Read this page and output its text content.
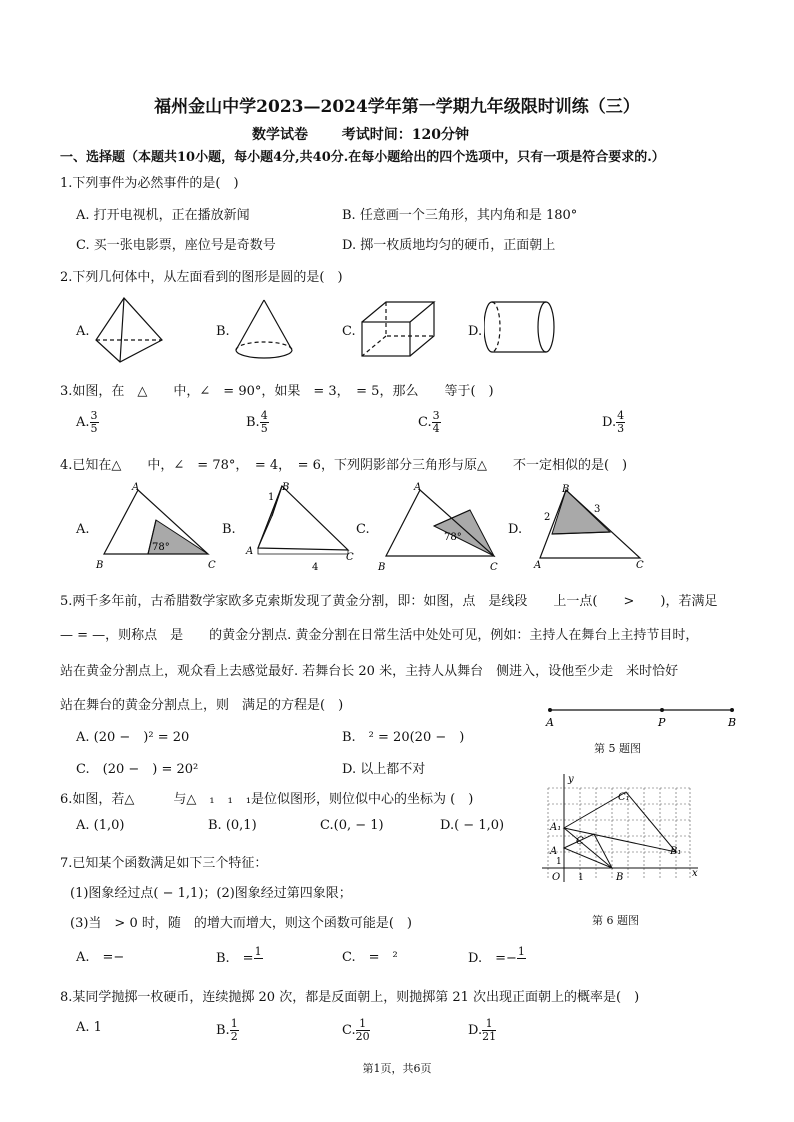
福州金山中学2023—2024学年第一学期九年级限时训练（三）
数学试卷 考试时间：120分钟
一、选择题（本题共10小题，每小题4分,共40分.在每小题给出的四个选项中，只有一项是符合要求的.）
1.下列事件为必然事件的是(　)
A. 打开电视机，正在播放新闻	B. 任意画一个三角形，其内角和是 180°
C. 买一张电影票，座位号是奇数号	D. 掷一枚质地均匀的硬币，正面朝上
2.下列几何体中，从左面看到的图形是圆的是(　)
A.	B.	C.	D.
3.如图，在　△　　中，∠　= 90°，如果　= 3，　= 5，那么　　等于(　)
A. $\frac{3}{5}$	B. $\frac{4}{5}$	C. $\frac{3}{4}$	D. $\frac{4}{3}$
4.已知在△　　中，∠　= 78°，　= 4，　= 6，下列阴影部分三角形与原△　　不一定相似的是(　)
A.	B.	C.	D.
A
B	C
78°
B
1
A
C
4
A
B	C
78°
B
2
3
A	C
5.两千多年前，古希腊数学家欧多克索斯发现了黄金分割，即：如图，点　是线段　　上一点(　　>　　)，若满足
— = —，则称点　是　　的黄金分割点. 黄金分割在日常生活中处处可见，例如：主持人在舞台上主持节目时，
站在黄金分割点上，观众看上去感觉最好. 若舞台长 20 米，主持人从舞台　侧进入，设他至少走　米时恰好
站在舞台的黄金分割点上，则　满足的方程是(　)
A. (20 −　)² = 20	B.　² = 20(20 −　)
C.　(20 −　) = 20²	D. 以上都不对
A	P	B
第 5 题图
6.如图，若△　　　与△　₁　₁　₁是位似图形，则位似中心的坐标为 (　)
A. (1,0)	B. (0,1)	C.(0, − 1)	D.( − 1,0)
y
x
O 1
1
A₁
A
C₁
C
B₁
B
第 6 题图
7.已知某个函数满足如下三个特征：
(1)图象经过点( − 1,1)；(2)图象经过第四象限；
(3)当　> 0 时，随　的增大而增大，则这个函数可能是(　)
A.　=−	B.　= 1	C.　=　²	D.　=− 1
8.某同学抛掷一枚硬币，连续抛掷 20 次，都是反面朝上，则抛掷第 21 次出现正面朝上的概率是(　)
A. 1	B. $\frac{1}{2}$	C. $\frac{1}{20}$	D. $\frac{1}{21}$
第1页，共6页
